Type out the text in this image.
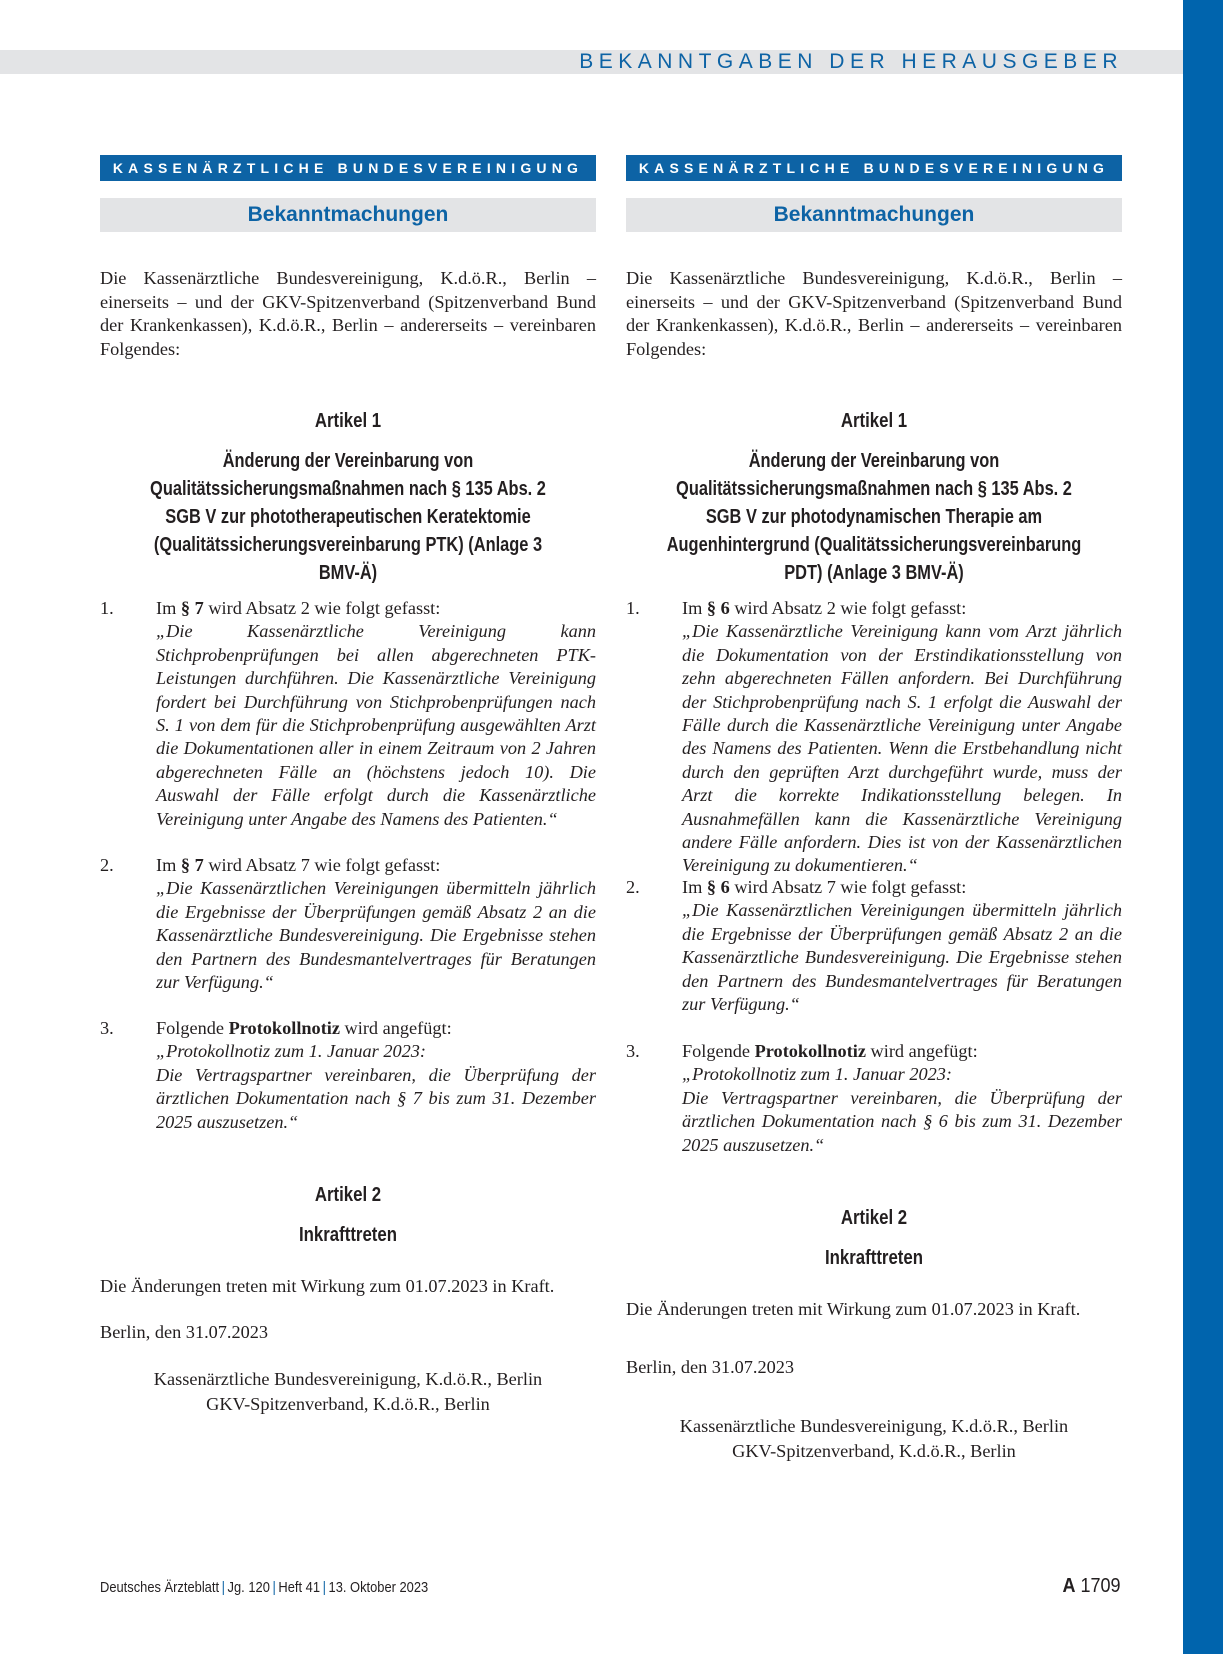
BEKANNTGABEN DER HERAUSGEBER
KASSENÄRZTLICHE BUNDESVEREINIGUNG
Bekanntmachungen

Die Kassenärztliche Bundesvereinigung, K.d.ö.R., Berlin – einerseits – und der GKV-Spitzenverband (Spitzenverband Bund der Krankenkassen), K.d.ö.R., Berlin – andererseits – vereinbaren Folgendes:

Artikel 1

Änderung der Vereinbarung von Qualitätssicherungsmaßnahmen nach § 135 Abs. 2 SGB V zur phototherapeutischen Keratektomie (Qualitätssicherungsvereinbarung PTK) (Anlage 3 BMV-Ä)

1. Im § 7 wird Absatz 2 wie folgt gefasst:
„Die Kassenärztliche Vereinigung kann Stichprobenprüfungen bei allen abgerechneten PTK-Leistungen durchführen. Die Kassenärztliche Vereinigung fordert bei Durchführung von Stichprobenprüfungen nach S. 1 von dem für die Stichprobenprüfung ausgewählten Arzt die Dokumentationen aller in einem Zeitraum von 2 Jahren abgerechneten Fälle an (höchstens jedoch 10). Die Auswahl der Fälle erfolgt durch die Kassenärztliche Vereinigung unter Angabe des Namens des Patienten.“
2. Im § 7 wird Absatz 7 wie folgt gefasst:
„Die Kassenärztlichen Vereinigungen übermitteln jährlich die Ergebnisse der Überprüfungen gemäß Absatz 2 an die Kassenärztliche Bundesvereinigung. Die Ergebnisse stehen den Partnern des Bundesmantelvertrages für Beratungen zur Verfügung.“
3. Folgende Protokollnotiz wird angefügt:
„Protokollnotiz zum 1. Januar 2023:
Die Vertragspartner vereinbaren, die Überprüfung der ärztlichen Dokumentation nach § 7 bis zum 31. Dezember 2025 auszusetzen.“
Artikel 2
Inkrafttreten
Die Änderungen treten mit Wirkung zum 01.07.2023 in Kraft.
Berlin, den 31.07.2023
Kassenärztliche Bundesvereinigung, K.d.ö.R., Berlin
GKV-Spitzenverband, K.d.ö.R., Berlin
KASSENÄRZTLICHE BUNDESVEREINIGUNG
Bekanntmachungen

Die Kassenärztliche Bundesvereinigung, K.d.ö.R., Berlin – einerseits – und der GKV-Spitzenverband (Spitzenverband Bund der Krankenkassen), K.d.ö.R., Berlin – andererseits – vereinbaren Folgendes:

Artikel 1

Änderung der Vereinbarung von Qualitätssicherungsmaßnahmen nach § 135 Abs. 2 SGB V zur photodynamischen Therapie am Augenhintergrund (Qualitätssicherungsvereinbarung PDT) (Anlage 3 BMV-Ä)

1. Im § 6 wird Absatz 2 wie folgt gefasst:
„Die Kassenärztliche Vereinigung kann vom Arzt jährlich die Dokumentation von der Erstindikationsstellung von zehn abgerechneten Fällen anfordern. Bei Durchführung der Stichprobenprüfung nach S. 1 erfolgt die Auswahl der Fälle durch die Kassenärztliche Vereinigung unter Angabe des Namens des Patienten. Wenn die Erstbehandlung nicht durch den geprüften Arzt durchgeführt wurde, muss der Arzt die korrekte Indikationsstellung belegen. In Ausnahmefällen kann die Kassenärztliche Vereinigung andere Fälle anfordern. Dies ist von der Kassenärztlichen Vereinigung zu dokumentieren.“
2. Im § 6 wird Absatz 7 wie folgt gefasst:
„Die Kassenärztlichen Vereinigungen übermitteln jährlich die Ergebnisse der Überprüfungen gemäß Absatz 2 an die Kassenärztliche Bundesvereinigung. Die Ergebnisse stehen den Partnern des Bundesmantelvertrages für Beratungen zur Verfügung.“
3. Folgende Protokollnotiz wird angefügt:
„Protokollnotiz zum 1. Januar 2023:
Die Vertragspartner vereinbaren, die Überprüfung der ärztlichen Dokumentation nach § 6 bis zum 31. Dezember 2025 auszusetzen.“
Artikel 2
Inkrafttreten
Die Änderungen treten mit Wirkung zum 01.07.2023 in Kraft.
Berlin, den 31.07.2023
Kassenärztliche Bundesvereinigung, K.d.ö.R., Berlin
GKV-Spitzenverband, K.d.ö.R., Berlin
Deutsches Ärzteblatt | Jg. 120 | Heft 41 | 13. Oktober 2023	A 1709
